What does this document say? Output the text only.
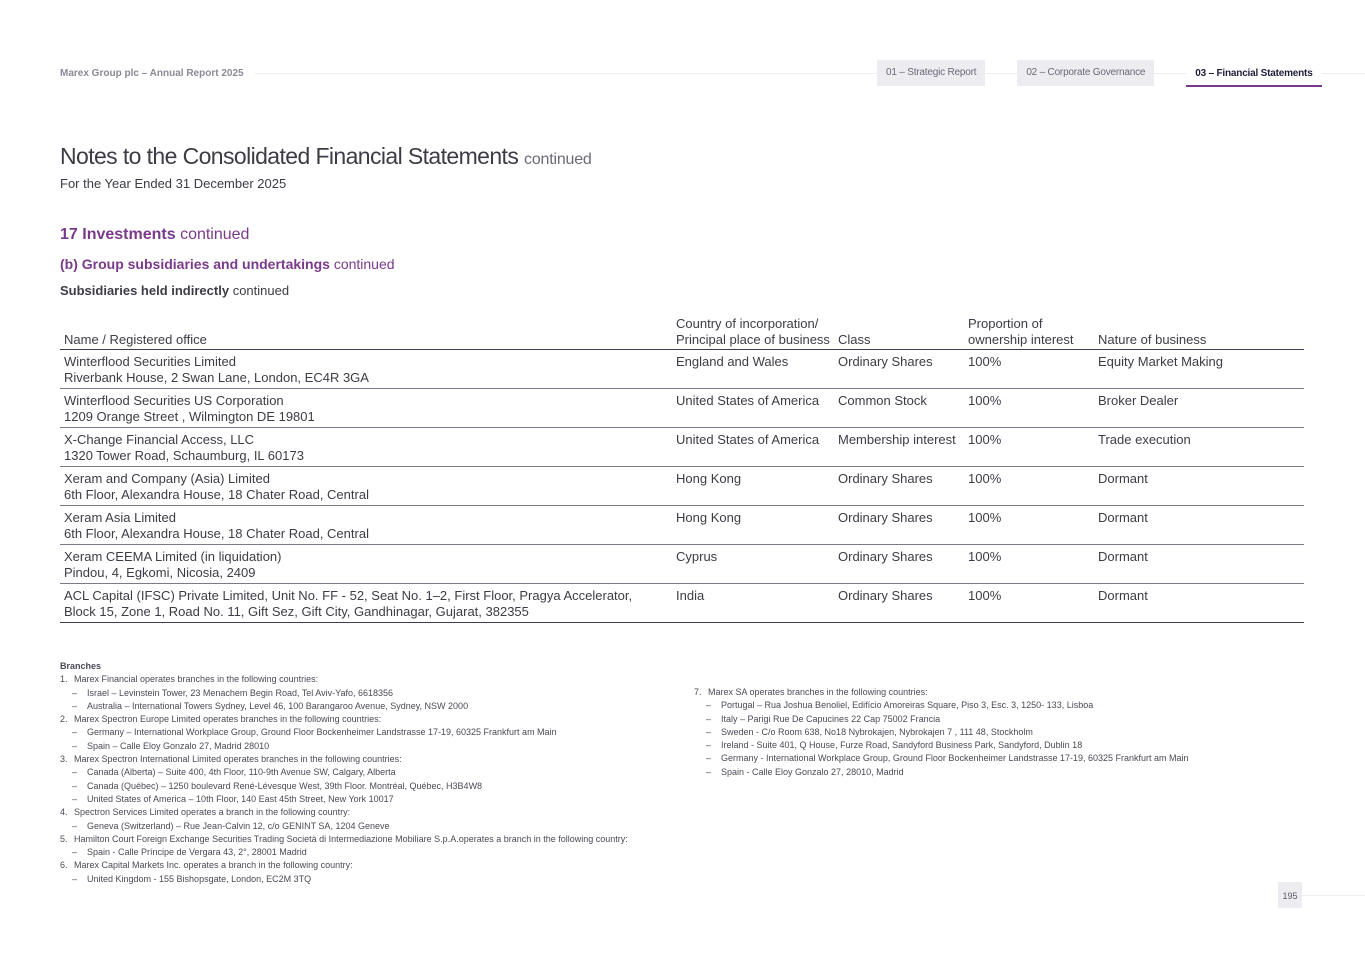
Marex Group plc – Annual Report 2025	01 – Strategic Report	02 – Corporate Governance	03 – Financial Statements
Notes to the Consolidated Financial Statements continued
For the Year Ended 31 December 2025
17 Investments continued
(b) Group subsidiaries and undertakings continued
Subsidiaries held indirectly continued
Name / Registered office	Country of incorporation/ Principal place of business	Class	Proportion of ownership interest	Nature of business

Winterflood Securities Limited
Riverbank House, 2 Swan Lane, London, EC4R 3GA	England and Wales	Ordinary Shares	100%	Equity Market Making

Winterflood Securities US Corporation
1209 Orange Street , Wilmington DE 19801	United States of America	Common Stock	100%	Broker Dealer

X-Change Financial Access, LLC
1320 Tower Road, Schaumburg, IL 60173	United States of America	Membership interest	100%	Trade execution

Xeram and Company (Asia) Limited
6th Floor, Alexandra House, 18 Chater Road, Central	Hong Kong	Ordinary Shares	100%	Dormant

Xeram Asia Limited
6th Floor, Alexandra House, 18 Chater Road, Central	Hong Kong	Ordinary Shares	100%	Dormant

Xeram CEEMA Limited (in liquidation)
Pindou, 4, Egkomi, Nicosia, 2409	Cyprus	Ordinary Shares	100%	Dormant

ACL Capital (IFSC) Private Limited, Unit No. FF - 52, Seat No. 1–2, First Floor, Pragya Accelerator,
Block 15, Zone 1, Road No. 11, Gift Sez, Gift City, Gandhinagar, Gujarat, 382355	India	Ordinary Shares	100%	Dormant
Branches
1. Marex Financial operates branches in the following countries:
– Israel – Levinstein Tower, 23 Menachem Begin Road, Tel Aviv-Yafo, 6618356
– Australia – International Towers Sydney, Level 46, 100 Barangaroo Avenue, Sydney, NSW 2000
2. Marex Spectron Europe Limited operates branches in the following countries:
– Germany – International Workplace Group, Ground Floor Bockenheimer Landstrasse 17-19, 60325 Frankfurt am Main
– Spain – Calle Eloy Gonzalo 27, Madrid 28010
3. Marex Spectron International Limited operates branches in the following countries:
– Canada (Alberta) – Suite 400, 4th Floor, 110-9th Avenue SW, Calgary, Alberta
– Canada (Québec) – 1250 boulevard René-Lévesque West, 39th Floor. Montréal, Québec, H3B4W8
– United States of America – 10th Floor, 140 East 45th Street, New York 10017
4. Spectron Services Limited operates a branch in the following country:
– Geneva (Switzerland) – Rue Jean-Calvin 12, c/o GENINT SA, 1204 Geneve
5. Hamilton Court Foreign Exchange Securities Trading Società di Intermediazione Mobiliare S.p.A.operates a branch in the following country:
– Spain - Calle Príncipe de Vergara 43, 2°, 28001 Madrid
6. Marex Capital Markets Inc. operates a branch in the following country:
– United Kingdom - 155 Bishopsgate, London, EC2M 3TQ
7. Marex SA operates branches in the following countries:
– Portugal – Rua Joshua Benoliel, Edifício Amoreiras Square, Piso 3, Esc. 3, 1250- 133, Lisboa
– Italy – Parigi Rue De Capucines 22 Cap 75002 Francia
– Sweden - C/o Room 638, No18 Nybrokajen, Nybrokajen 7 , 111 48, Stockholm
– Ireland - Suite 401, Q House, Furze Road, Sandyford Business Park, Sandyford, Dublin 18
– Germany - International Workplace Group, Ground Floor Bockenheimer Landstrasse 17-19, 60325 Frankfurt am Main
– Spain - Calle Eloy Gonzalo 27, 28010, Madrid
195
